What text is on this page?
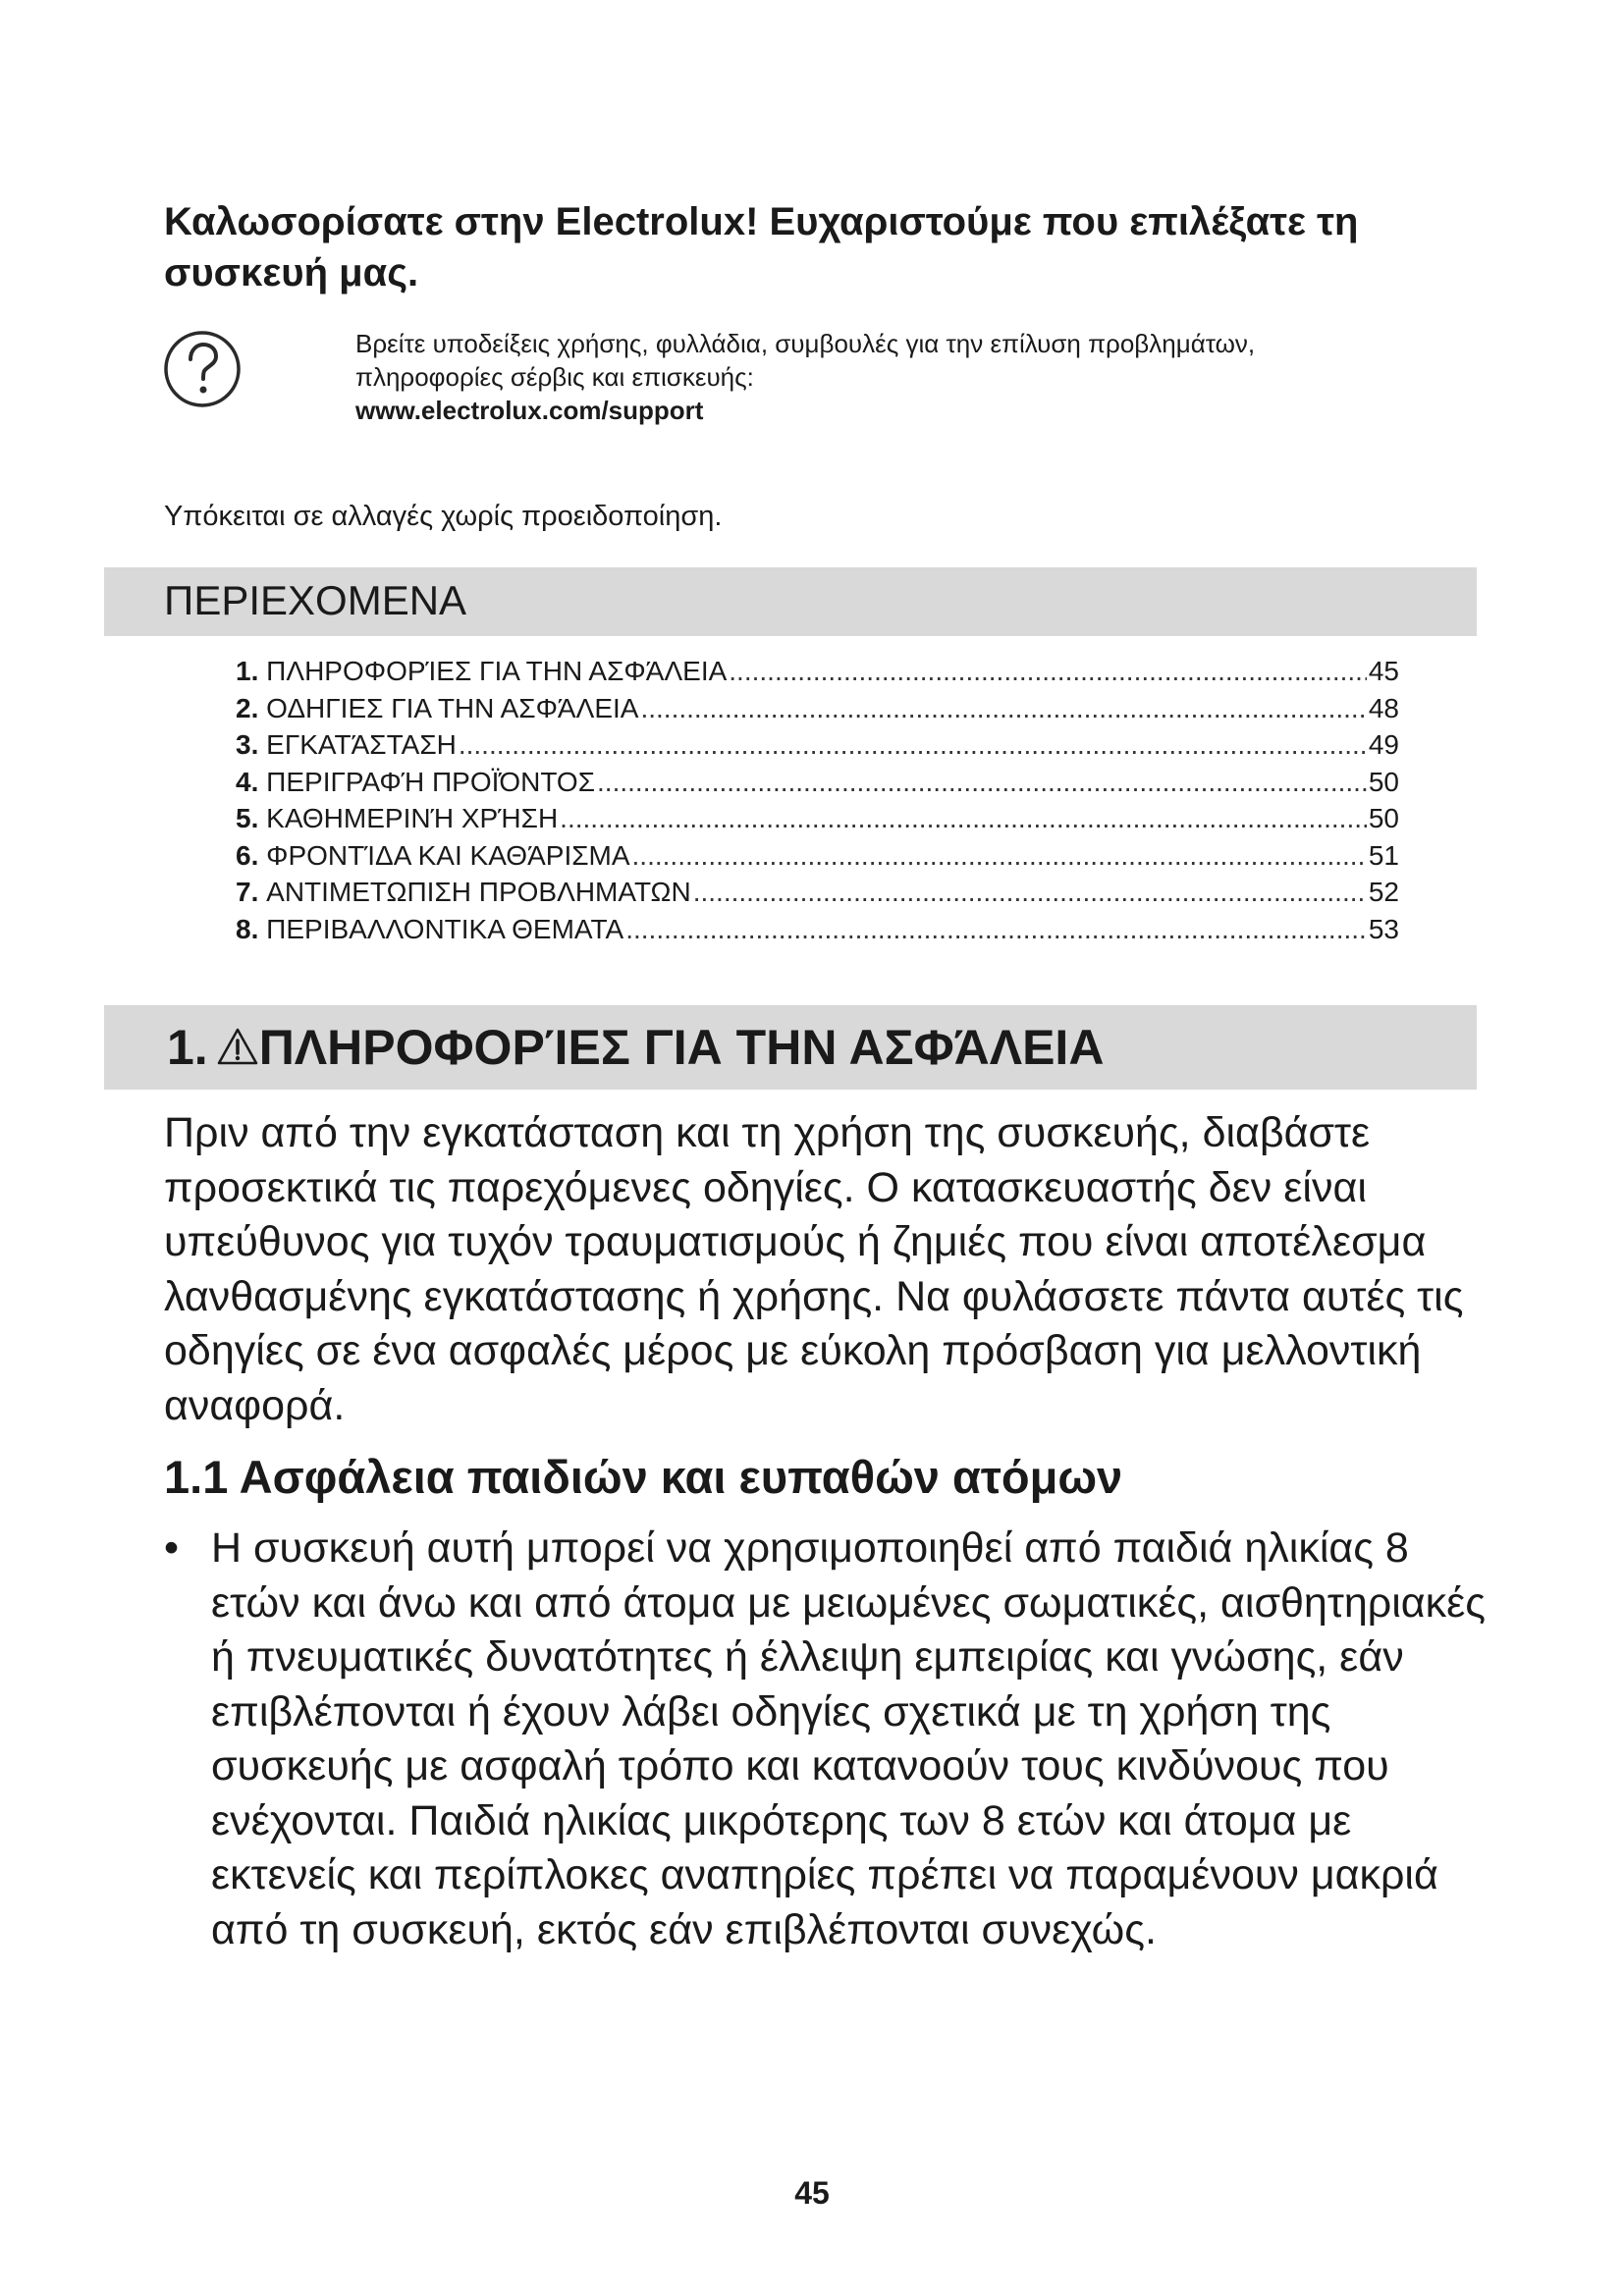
Καλωσορίσατε στην Electrolux! Ευχαριστούμε που επιλέξατε τη συσκευή μας.
Βρείτε υποδείξεις χρήσης, φυλλάδια, συμβουλές για την επίλυση προβλημάτων,
πληροφορίες σέρβις και επισκευής:
www.electrolux.com/support
Υπόκειται σε αλλαγές χωρίς προειδοποίηση.
ΠΕΡΙΕΧΟΜΕΝΑ
1.
ΠΛΗΡΟΦΟΡΊΕΣ ΓΙΑ ΤΗΝ ΑΣΦΆΛΕΙΑ .....	45
2.
ΟΔΗΓΙΕΣ ΓΙΑ ΤΗΝ ΑΣΦΆΛΕΙΑ .....	48
3.
ΕΓΚΑΤΆΣΤΑΣΗ .....	49
4.
ΠΕΡΙΓΡΑΦΉ ΠΡΟΪΌΝΤΟΣ .....	50
5.
ΚΑΘΗΜΕΡΙΝΉ ΧΡΉΣΗ .....	50
6.
ΦΡΟΝΤΊΔΑ ΚΑΙ ΚΑΘΆΡΙΣΜΑ .....	51
7.
ΑΝΤΙΜΕΤΩΠΙΣΗ ΠΡΟΒΛΗΜΑΤΩΝ .....	52
8.
ΠΕΡΙΒΑΛΛΟΝΤΙΚΑ ΘΕΜΑΤΑ .....	53
1. ΠΛΗΡΟΦΟΡΊΕΣ ΓΙΑ ΤΗΝ ΑΣΦΆΛΕΙΑ

Πριν από την εγκατάσταση και τη χρήση της συσκευής, διαβάστε προσεκτικά τις παρεχόμενες οδηγίες. Ο κατασκευαστής δεν είναι υπεύθυνος για τυχόν τραυματισμούς ή ζημιές που είναι αποτέλεσμα λανθασμένης εγκατάστασης ή χρήσης. Να φυλάσσετε πάντα αυτές τις οδηγίες σε ένα ασφαλές μέρος με εύκολη πρόσβαση για μελλοντική αναφορά.

1.1 Ασφάλεια παιδιών και ευπαθών ατόμων
• Η συσκευή αυτή μπορεί να χρησιμοποιηθεί από παιδιά ηλικίας 8 ετών και άνω και από άτομα με μειωμένες σωματικές, αισθητηριακές ή πνευματικές δυνατότητες ή έλλειψη εμπειρίας και γνώσης, εάν επιβλέπονται ή έχουν λάβει οδηγίες σχετικά με τη χρήση της συσκευής με ασφαλή τρόπο και κατανοούν τους κινδύνους που ενέχονται. Παιδιά ηλικίας μικρότερης των 8 ετών και άτομα με εκτενείς και περίπλοκες αναπηρίες πρέπει να παραμένουν μακριά από τη συσκευή, εκτός εάν επιβλέπονται συνεχώς.

45
